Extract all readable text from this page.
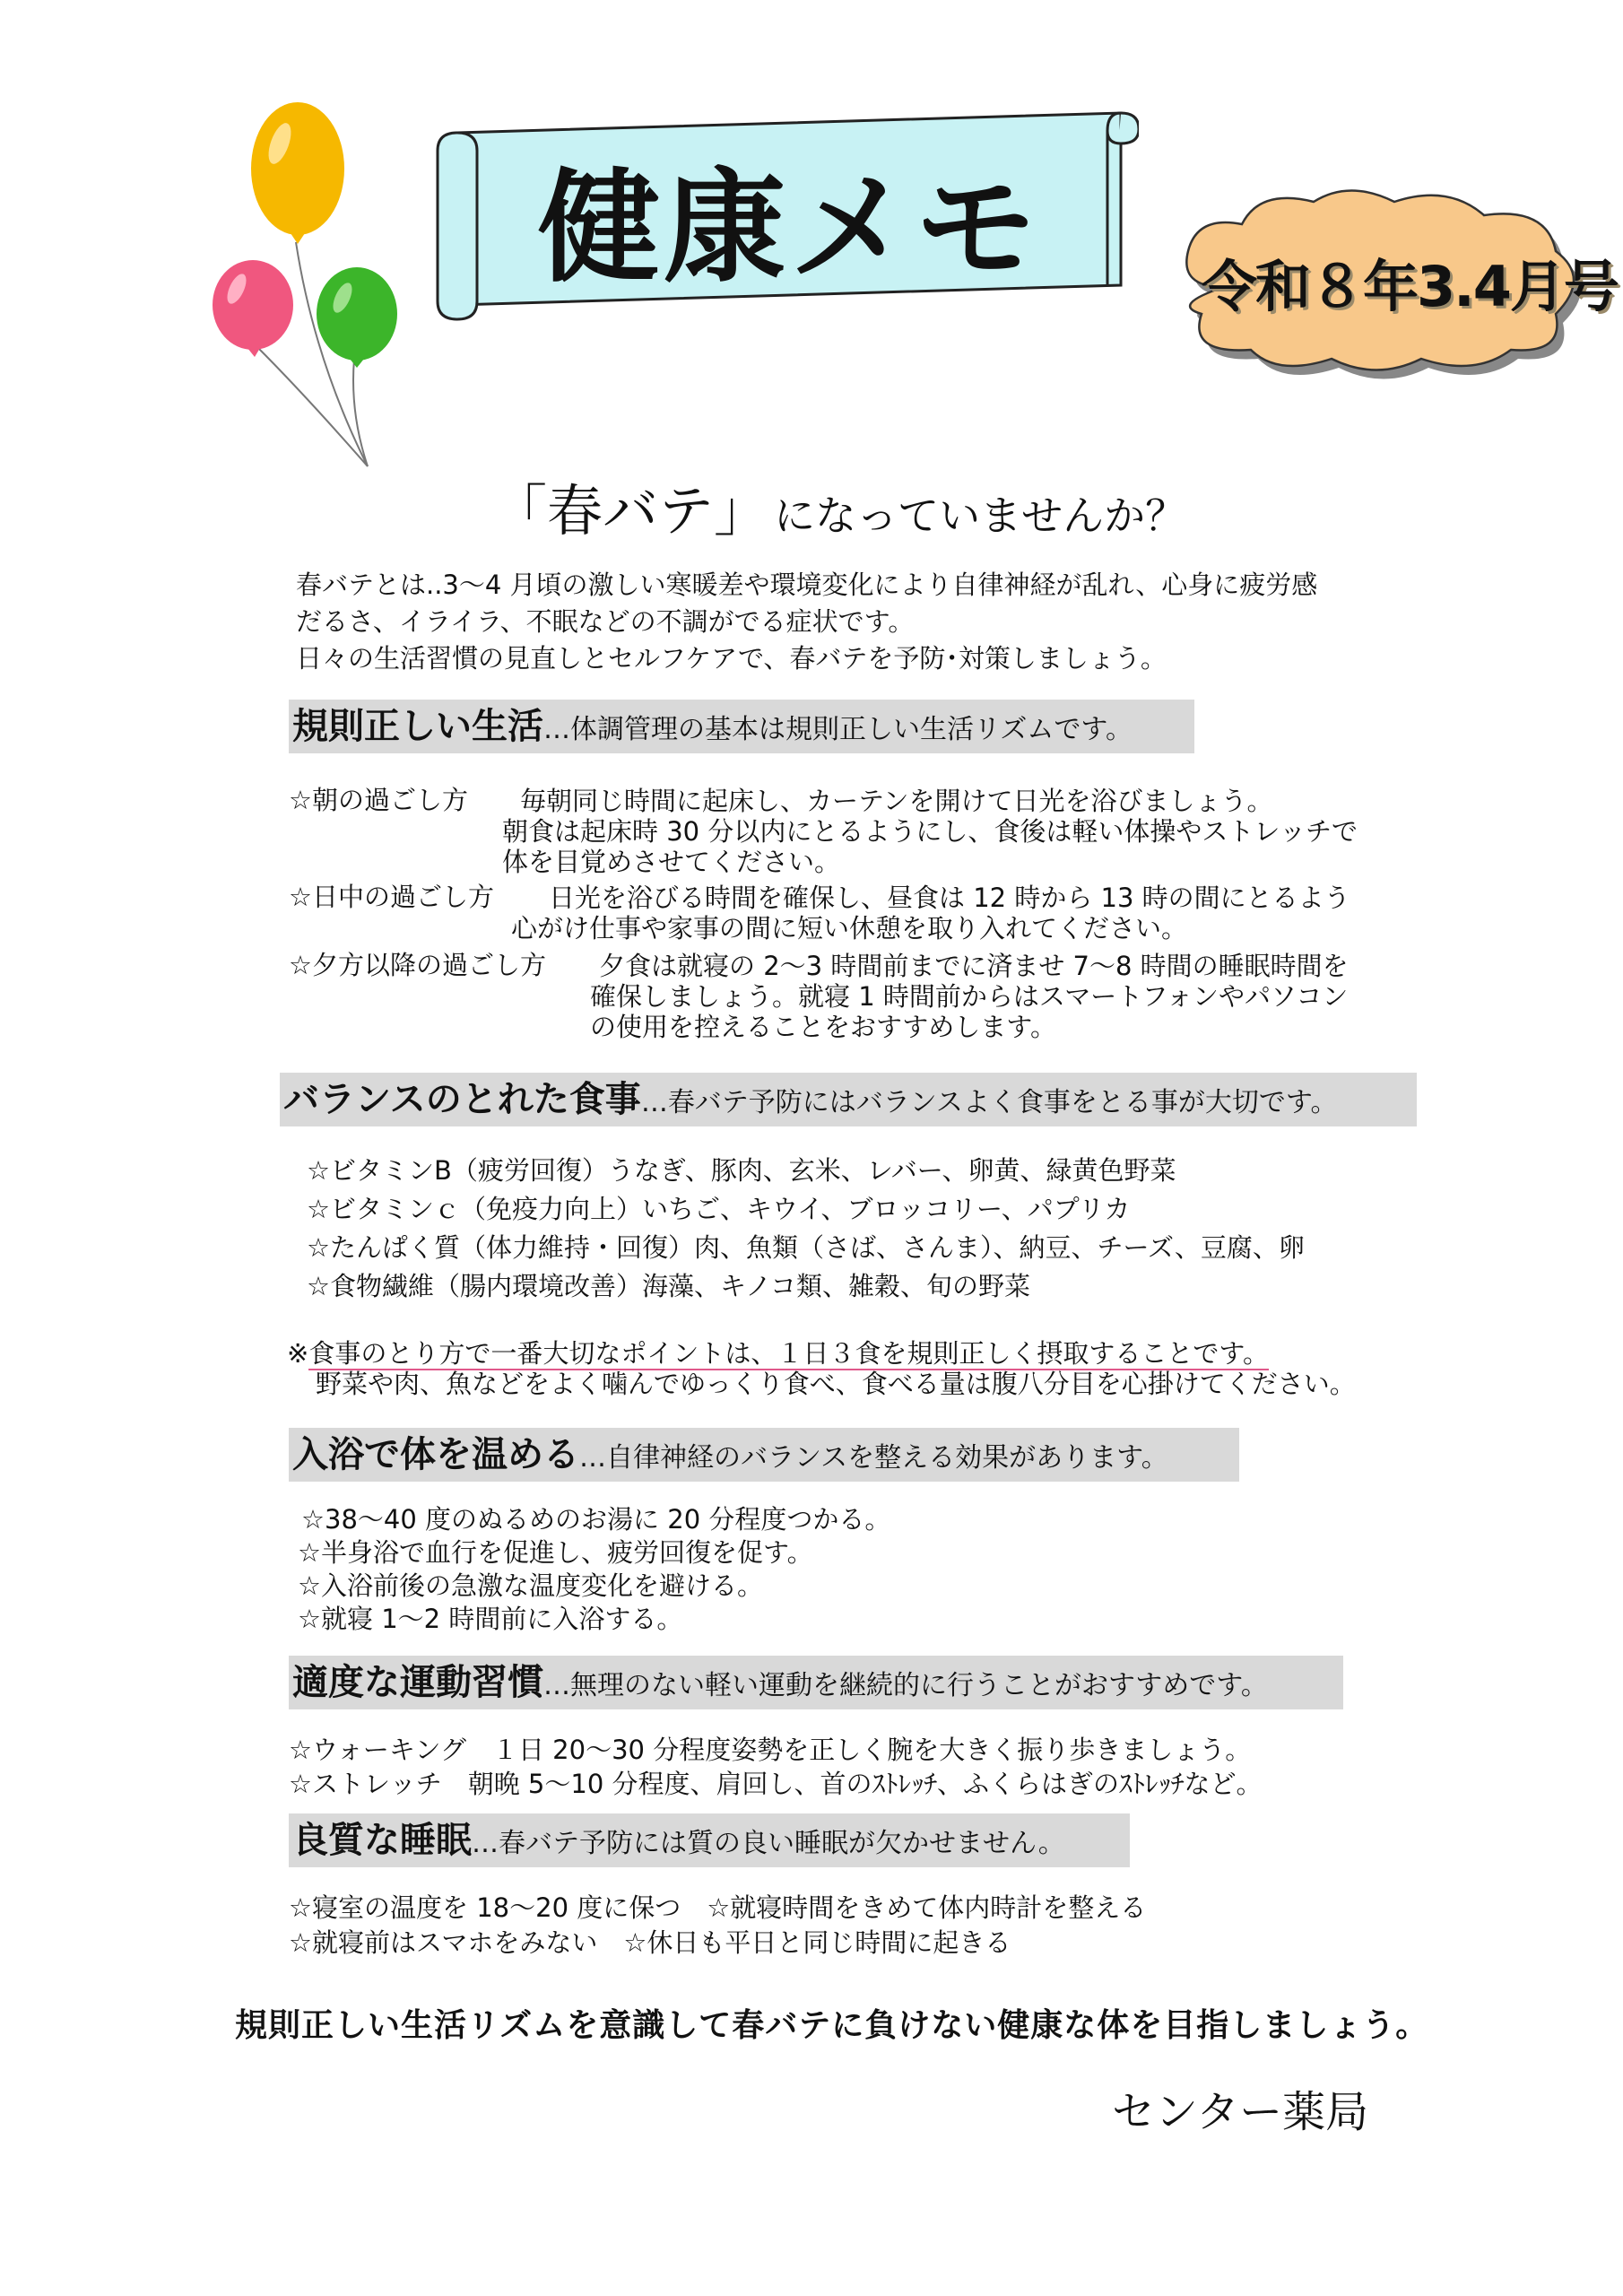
健康メモ	令和８年3.4月号
「春バテ」 になっていませんか？
春バテとは..3～4 月頃の激しい寒暖差や環境変化により自律神経が乱れ、心身に疲労感
だるさ、イライラ、不眠などの不調がでる症状です。
日々の生活習慣の見直しとセルフケアで、春バテを予防･対策しましょう。
規則正しい生活…体調管理の基本は規則正しい生活リズムです。
☆朝の過ごし方 毎朝同じ時間に起床し、カーテンを開けて日光を浴びましょう。
朝食は起床時 30 分以内にとるようにし、食後は軽い体操やストレッチで
体を目覚めさせてください。
☆日中の過ごし方 日光を浴びる時間を確保し、昼食は 12 時から 13 時の間にとるよう
心がけ仕事や家事の間に短い休憩を取り入れてください。
☆夕方以降の過ごし方 夕食は就寝の 2～3 時間前までに済ませ 7～8 時間の睡眠時間を
確保しましょう。就寝 1 時間前からはスマートフォンやパソコン
の使用を控えることをおすすめします。
バランスのとれた食事…春バテ予防にはバランスよく食事をとる事が大切です。
☆ビタミンB（疲労回復）うなぎ、豚肉、玄米、レバー、卵黄、緑黄色野菜
☆ビタミンｃ（免疫力向上）いちご、キウイ、ブロッコリー、パプリカ
☆たんぱく質（体力維持・回復）肉、魚類（さば、さんま）、納豆、チーズ、豆腐、卵
☆食物繊維（腸内環境改善）海藻、キノコ類、雑穀、旬の野菜
※食事のとり方で一番大切なポイントは、１日３食を規則正しく摂取することです。
野菜や肉、魚などをよく噛んでゆっくり食べ、食べる量は腹八分目を心掛けてください。
入浴で体を温める…自律神経のバランスを整える効果があります。
☆38～40 度のぬるめのお湯に 20 分程度つかる。
☆半身浴で血行を促進し、疲労回復を促す。
☆入浴前後の急激な温度変化を避ける。
☆就寝 1～2 時間前に入浴する。
適度な運動習慣…無理のない軽い運動を継続的に行うことがおすすめです。
☆ウォーキング　１日 20～30 分程度姿勢を正しく腕を大きく振り歩きましょう。
☆ストレッチ　朝晩 5～10 分程度、肩回し、首のｽﾄﾚｯﾁ、ふくらはぎのｽﾄﾚｯﾁなど。
良質な睡眠…春バテ予防には質の良い睡眠が欠かせません。
☆寝室の温度を 18～20 度に保つ　☆就寝時間をきめて体内時計を整える
☆就寝前はスマホをみない　☆休日も平日と同じ時間に起きる
規則正しい生活リズムを意識して春バテに負けない健康な体を目指しましょう。
センター薬局
